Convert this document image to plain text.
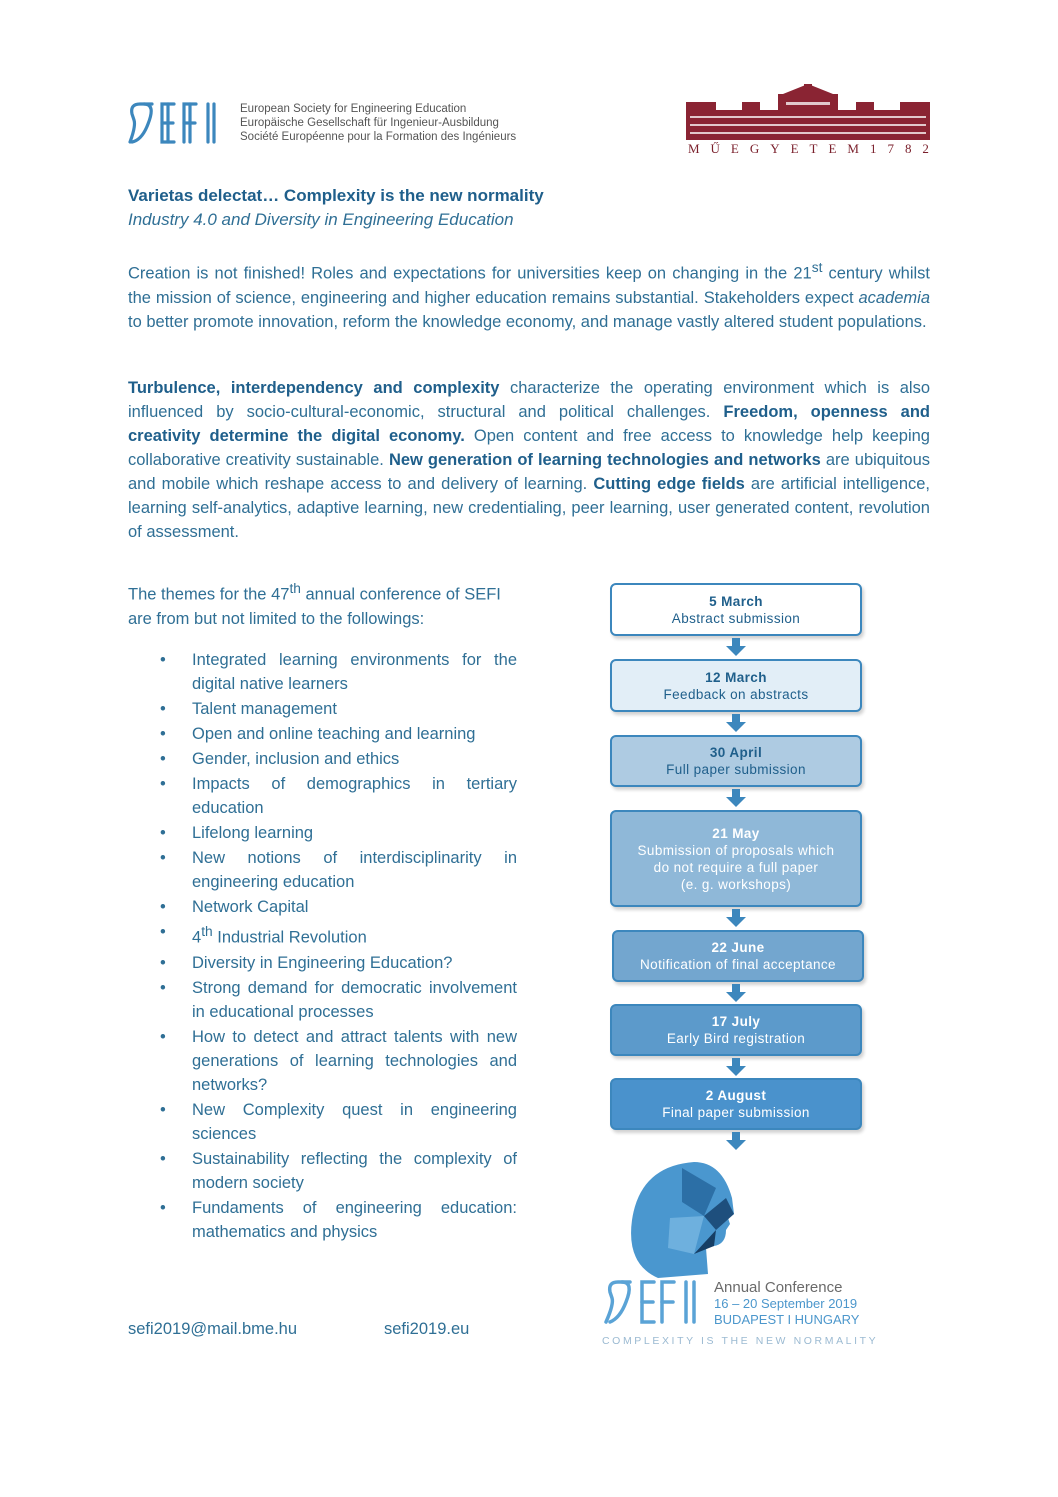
European Society for Engineering Education
Europäische Gesellschaft für Ingenieur-Ausbildung
Société Européenne pour la Formation des Ingénieurs
M Ű E G Y E T E M 1 7 8 2
Varietas delectat… Complexity is the new normality
Industry 4.0 and Diversity in Engineering Education

Creation is not finished! Roles and expectations for universities keep on changing in the 21st century whilst the mission of science, engineering and higher education remains substantial. Stakeholders expect academia to better promote innovation, reform the knowledge economy, and manage vastly altered student populations.

Turbulence, interdependency and complexity characterize the operating environment which is also influenced by socio-cultural-economic, structural and political challenges. Freedom, openness and creativity determine the digital economy. Open content and free access to knowledge help keeping collaborative creativity sustainable. New generation of learning technologies and networks are ubiquitous and mobile which reshape access to and delivery of learning. Cutting edge fields are artificial intelligence, learning self-analytics, adaptive learning, new credentialing, peer learning, user generated content, revolution of assessment.

The themes for the 47th annual conference of SEFI are from but not limited to the followings:

• Integrated learning environments for the digital native learners
• Talent management
• Open and online teaching and learning
• Gender, inclusion and ethics
• Impacts of demographics in tertiary education
• Lifelong learning
• New notions of interdisciplinarity in engineering education
• Network Capital
• 4th Industrial Revolution
• Diversity in Engineering Education?
• Strong demand for democratic involvement in educational processes
• How to detect and attract talents with new generations of learning technologies and networks?
• New Complexity quest in engineering sciences
• Sustainability reflecting the complexity of modern society
• Fundaments of engineering education: mathematics and physics
5 March
Abstract submission
12 March
Feedback on abstracts
30 April
Full paper submission
21 May
Submission of proposals which
do not require a full paper
(e. g. workshops)
22 June
Notification of final acceptance
17 July
Early Bird registration
2 August
Final paper submission
Annual Conference
16 – 20 September 2019
BUDAPEST I HUNGARY
COMPLEXITY IS THE NEW NORMALITY
sefi2019@mail.bme.hu	sefi2019.eu
